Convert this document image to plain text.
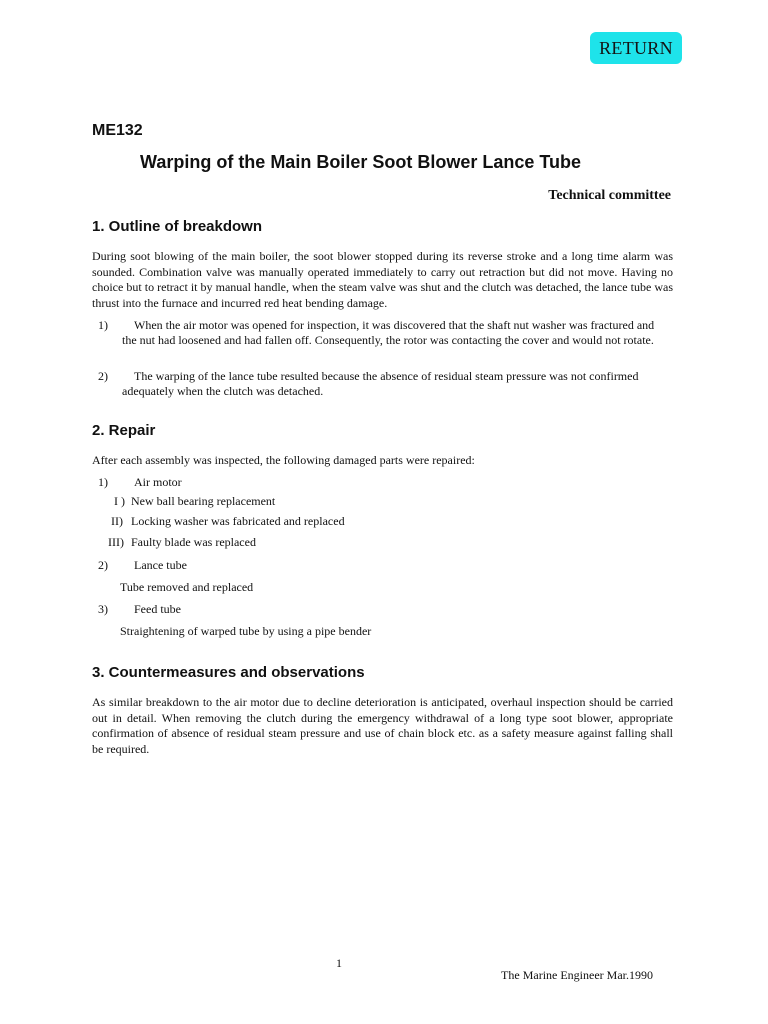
RETURN
ME132
Warping of the Main Boiler Soot Blower Lance Tube
Technical committee
1. Outline of breakdown
During soot blowing of the main boiler, the soot blower stopped during its reverse stroke and a long time alarm was sounded. Combination valve was manually operated immediately to carry out retraction but did not move. Having no choice but to retract it by manual handle, when the steam valve was shut and the clutch was detached, the lance tube was thrust into the furnace and incurred red heat bending damage.
1)	When the air motor was opened for inspection, it was discovered that the shaft nut washer was fractured and the nut had loosened and had fallen off. Consequently, the rotor was contacting the cover and would not rotate.
2)	The warping of the lance tube resulted because the absence of residual steam pressure was not confirmed adequately when the clutch was detached.
2. Repair
After each assembly was inspected, the following damaged parts were repaired:
1) Air motor
I ) New ball bearing replacement
II) Locking washer was fabricated and replaced
III) Faulty blade was replaced
2) Lance tube
Tube removed and replaced
3) Feed tube
Straightening of warped tube by using a pipe bender
3. Countermeasures and observations
As similar breakdown to the air motor due to decline deterioration is anticipated, overhaul inspection should be carried out in detail. When removing the clutch during the emergency withdrawal of a long type soot blower, appropriate confirmation of absence of residual steam pressure and use of chain block etc. as a safety measure against falling shall be required.
1
The Marine Engineer Mar.1990
